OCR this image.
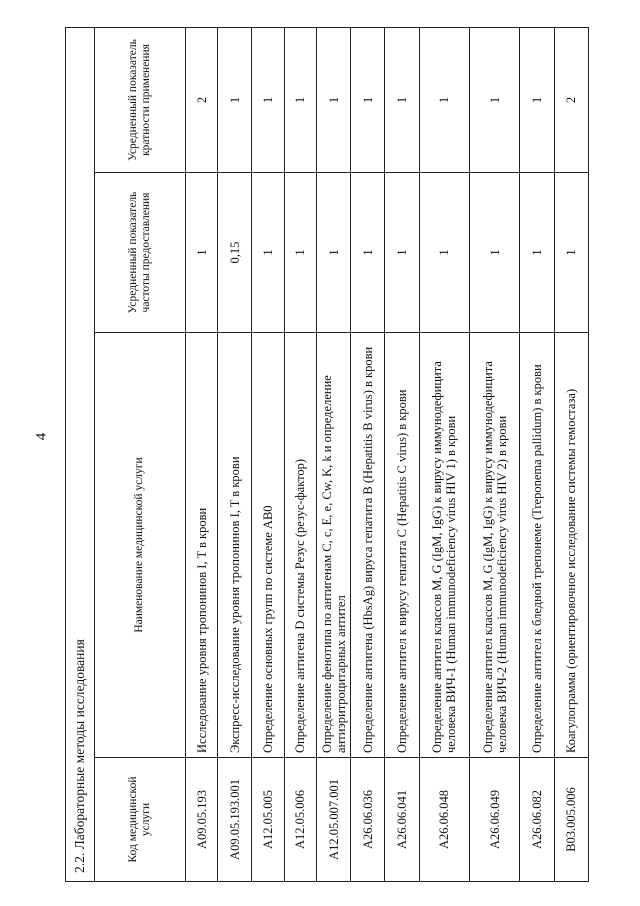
4
2.2. Лабораторные методы исследования			
Код медицинской услуги	Наименование медицинской услуги	Усредненный показатель частоты предоставления	Усредненный показатель кратности применения
A09.05.193	Исследование уровня тропонинов I, T в крови	1	2
A09.05.193.001	Экспресс-исследование уровня тропонинов I, T в крови	0,15	1
A12.05.005	Определение основных групп по системе AB0	1	1
A12.05.006	Определение антигена D системы Резус (резус-фактор)	1	1
A12.05.007.001	Определение фенотипа по антигенам C, c, E, e, Cw, K, k и определение антиэритроцитарных антител	1	1
A26.06.036	Определение антигена (HbsAg) вируса гепатита B (Hepatitis B virus) в крови	1	1
A26.06.041	Определение антител к вирусу гепатита C (Hepatitis C virus) в крови	1	1
A26.06.048	Определение антител классов M, G (IgM, IgG) к вирусу иммунодефицита человека ВИЧ-1 (Human immunodeficiency virus HIV 1) в крови	1	1
A26.06.049	Определение антител классов M, G (IgM, IgG) к вирусу иммунодефицита человека ВИЧ-2 (Human immunodeficiency virus HIV 2) в крови	1	1
A26.06.082	Определение антител к бледной трепонеме (Treponema pallidum) в крови	1	1
B03.005.006	Коагулограмма (ориентировочное исследование системы гемостаза)	1	2
